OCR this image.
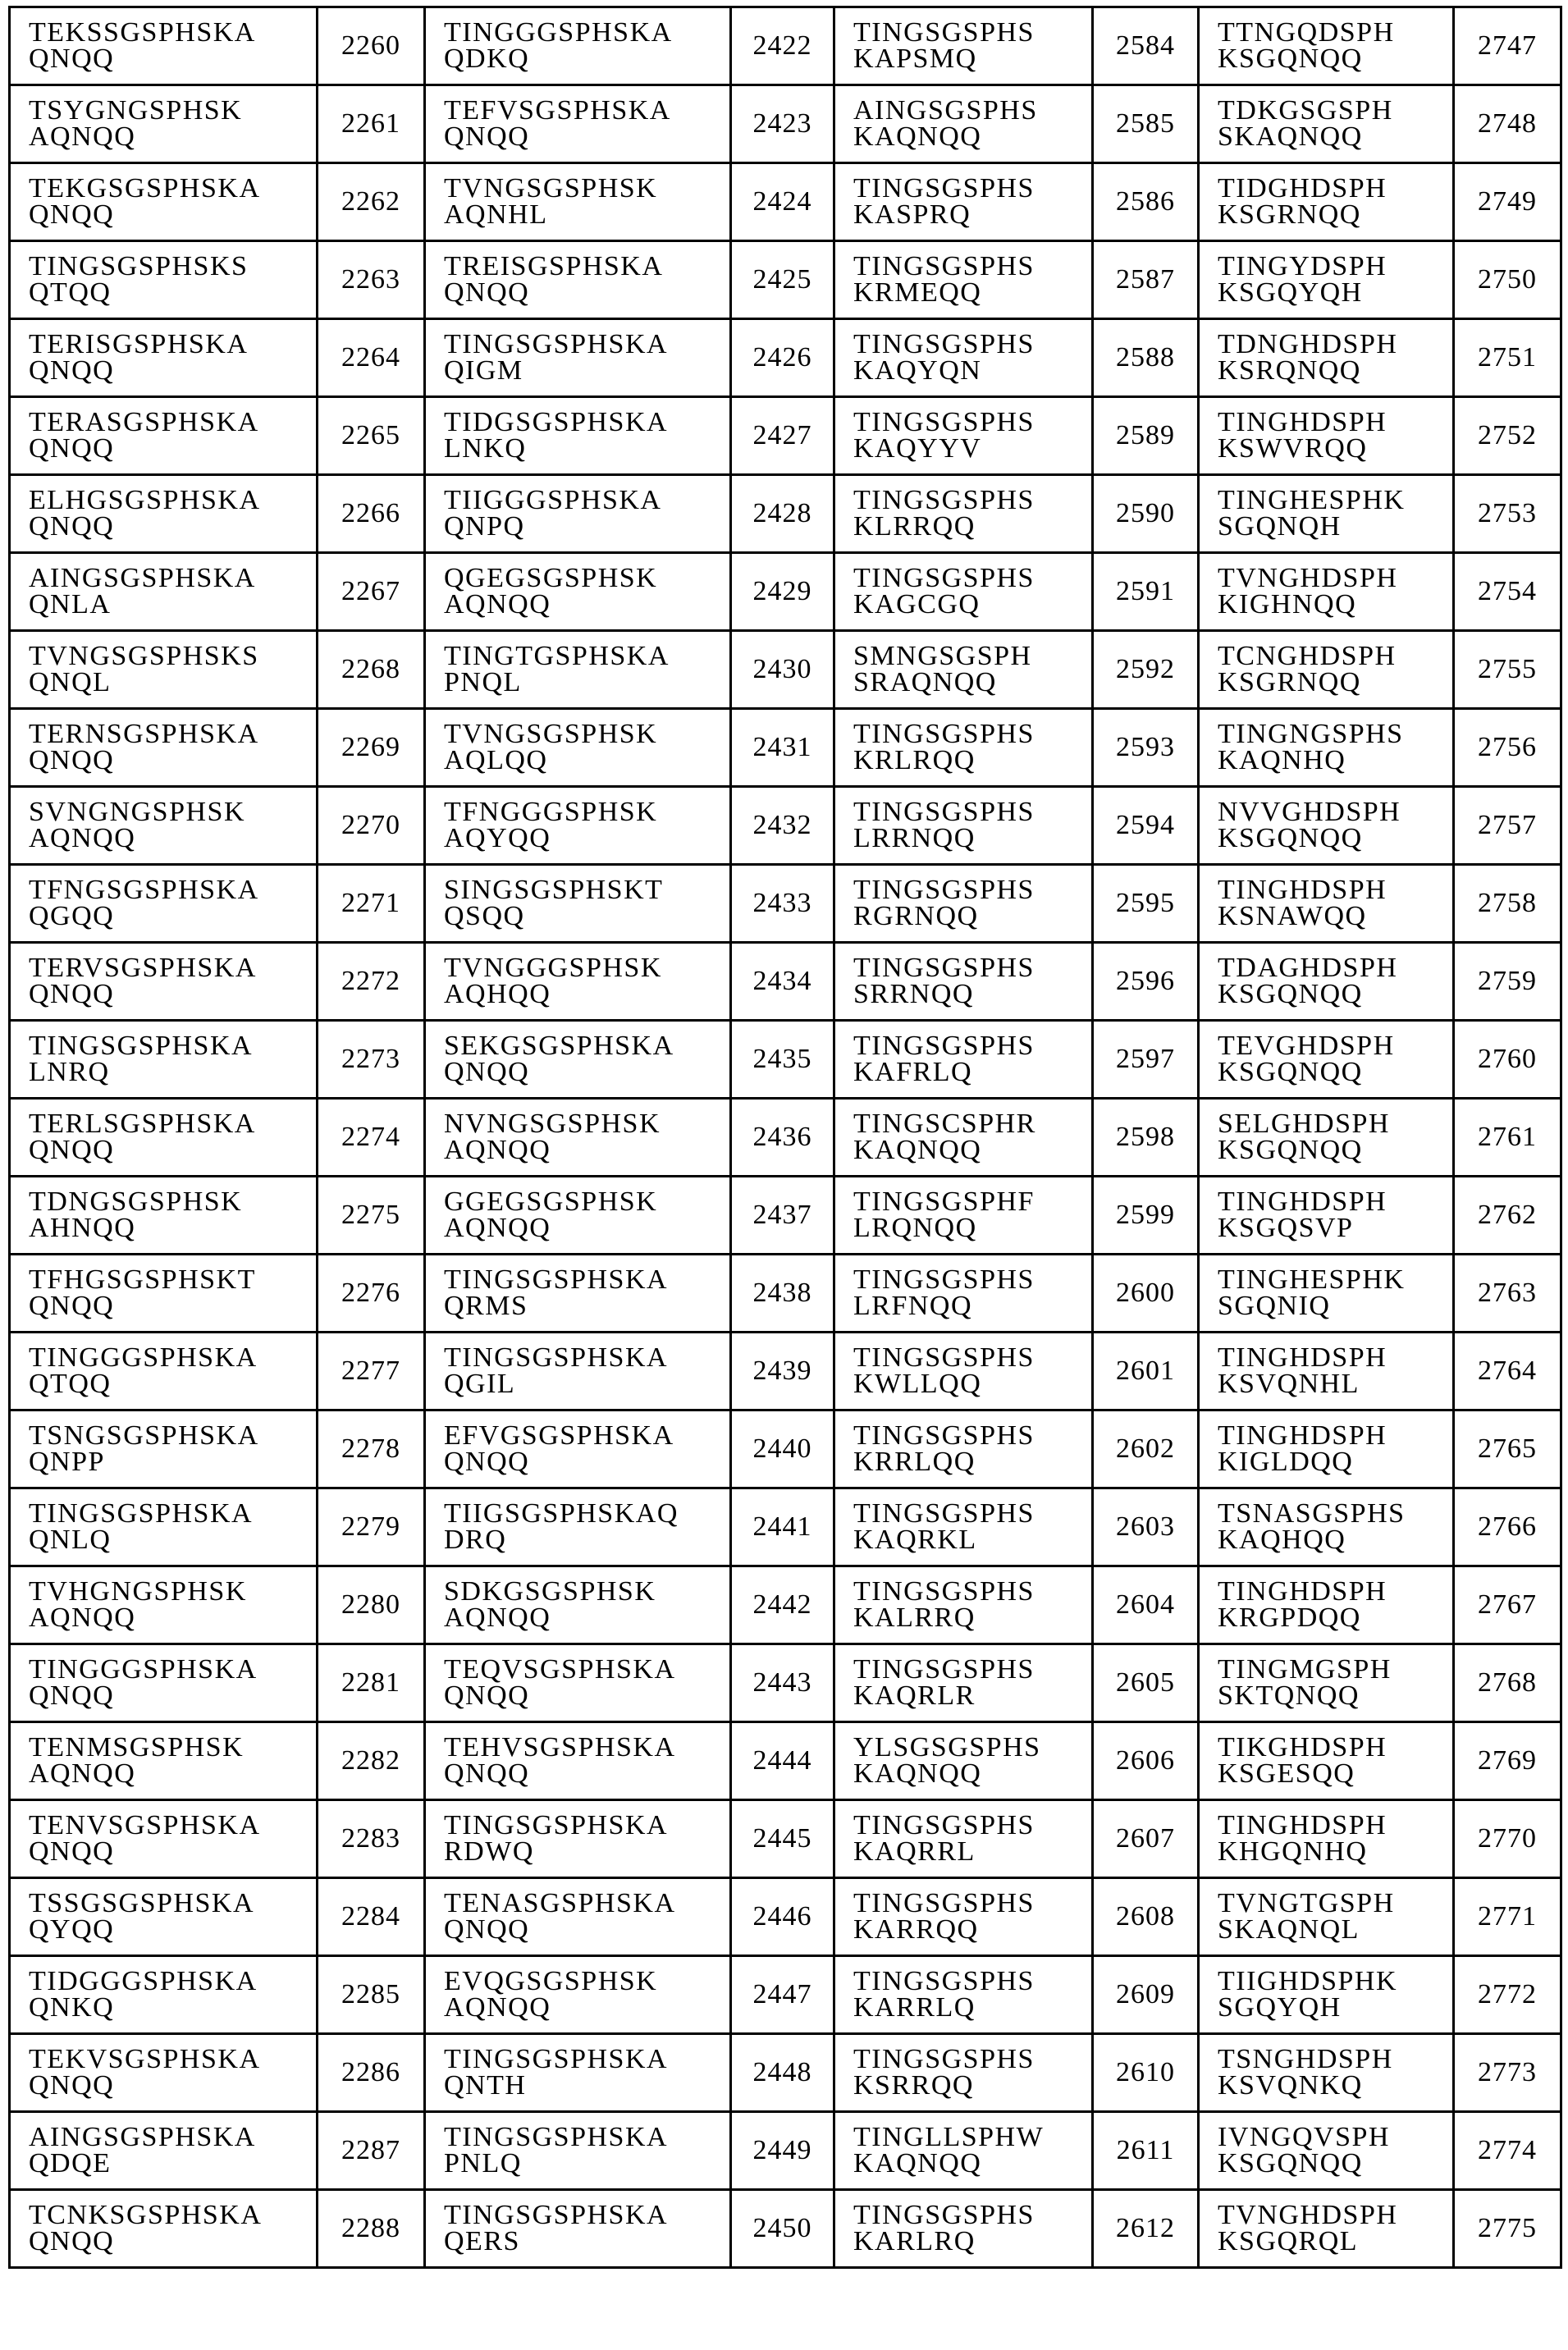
TEKSSGSPHSKA
QNQQ	2260	TINGGGSPHSKA
QDKQ	2422	TINGSGSPHS
KAPSMQ	2584	TTNGQDSPH
KSGQNQQ	2747
TSYGNGSPHSK
AQNQQ	2261	TEFVSGSPHSKA
QNQQ	2423	AINGSGSPHS
KAQNQQ	2585	TDKGSGSPH
SKAQNQQ	2748
TEKGSGSPHSKA
QNQQ	2262	TVNGSGSPHSK
AQNHL	2424	TINGSGSPHS
KASPRQ	2586	TIDGHDSPH
KSGRNQQ	2749
TINGSGSPHSKS
QTQQ	2263	TREISGSPHSKA
QNQQ	2425	TINGSGSPHS
KRMEQQ	2587	TINGYDSPH
KSGQYQH	2750
TERISGSPHSKA
QNQQ	2264	TINGSGSPHSKA
QIGM	2426	TINGSGSPHS
KAQYQN	2588	TDNGHDSPH
KSRQNQQ	2751
TERASGSPHSKA
QNQQ	2265	TIDGSGSPHSKA
LNKQ	2427	TINGSGSPHS
KAQYYV	2589	TINGHDSPH
KSWVRQQ	2752
ELHGSGSPHSKA
QNQQ	2266	TIIGGGSPHSKA
QNPQ	2428	TINGSGSPHS
KLRRQQ	2590	TINGHESPHK
SGQNQH	2753
AINGSGSPHSKA
QNLA	2267	QGEGSGSPHSK
AQNQQ	2429	TINGSGSPHS
KAGCGQ	2591	TVNGHDSPH
KIGHNQQ	2754
TVNGSGSPHSKS
QNQL	2268	TINGTGSPHSKA
PNQL	2430	SMNGSGSPH
SRAQNQQ	2592	TCNGHDSPH
KSGRNQQ	2755
TERNSGSPHSKA
QNQQ	2269	TVNGSGSPHSK
AQLQQ	2431	TINGSGSPHS
KRLRQQ	2593	TINGNGSPHS
KAQNHQ	2756
SVNGNGSPHSK
AQNQQ	2270	TFNGGGSPHSK
AQYQQ	2432	TINGSGSPHS
LRRNQQ	2594	NVVGHDSPH
KSGQNQQ	2757
TFNGSGSPHSKA
QGQQ	2271	SINGSGSPHSKT
QSQQ	2433	TINGSGSPHS
RGRNQQ	2595	TINGHDSPH
KSNAWQQ	2758
TERVSGSPHSKA
QNQQ	2272	TVNGGGSPHSK
AQHQQ	2434	TINGSGSPHS
SRRNQQ	2596	TDAGHDSPH
KSGQNQQ	2759
TINGSGSPHSKA
LNRQ	2273	SEKGSGSPHSKA
QNQQ	2435	TINGSGSPHS
KAFRLQ	2597	TEVGHDSPH
KSGQNQQ	2760
TERLSGSPHSKA
QNQQ	2274	NVNGSGSPHSK
AQNQQ	2436	TINGSCSPHR
KAQNQQ	2598	SELGHDSPH
KSGQNQQ	2761
TDNGSGSPHSK
AHNQQ	2275	GGEGSGSPHSK
AQNQQ	2437	TINGSGSPHF
LRQNQQ	2599	TINGHDSPH
KSGQSVP	2762
TFHGSGSPHSKT
QNQQ	2276	TINGSGSPHSKA
QRMS	2438	TINGSGSPHS
LRFNQQ	2600	TINGHESPHK
SGQNIQ	2763
TINGGGSPHSKA
QTQQ	2277	TINGSGSPHSKA
QGIL	2439	TINGSGSPHS
KWLLQQ	2601	TINGHDSPH
KSVQNHL	2764
TSNGSGSPHSKA
QNPP	2278	EFVGSGSPHSKA
QNQQ	2440	TINGSGSPHS
KRRLQQ	2602	TINGHDSPH
KIGLDQQ	2765
TINGSGSPHSKA
QNLQ	2279	TIIGSGSPHSKAQ
DRQ	2441	TINGSGSPHS
KAQRKL	2603	TSNASGSPHS
KAQHQQ	2766
TVHGNGSPHSK
AQNQQ	2280	SDKGSGSPHSK
AQNQQ	2442	TINGSGSPHS
KALRRQ	2604	TINGHDSPH
KRGPDQQ	2767
TINGGGSPHSKA
QNQQ	2281	TEQVSGSPHSKA
QNQQ	2443	TINGSGSPHS
KAQRLR	2605	TINGMGSPH
SKTQNQQ	2768
TENMSGSPHSK
AQNQQ	2282	TEHVSGSPHSKA
QNQQ	2444	YLSGSGSPHS
KAQNQQ	2606	TIKGHDSPH
KSGESQQ	2769
TENVSGSPHSKA
QNQQ	2283	TINGSGSPHSKA
RDWQ	2445	TINGSGSPHS
KAQRRL	2607	TINGHDSPH
KHGQNHQ	2770
TSSGSGSPHSKA
QYQQ	2284	TENASGSPHSKA
QNQQ	2446	TINGSGSPHS
KARRQQ	2608	TVNGTGSPH
SKAQNQL	2771
TIDGGGSPHSKA
QNKQ	2285	EVQGSGSPHSK
AQNQQ	2447	TINGSGSPHS
KARRLQ	2609	TIIGHDSPHK
SGQYQH	2772
TEKVSGSPHSKA
QNQQ	2286	TINGSGSPHSKA
QNTH	2448	TINGSGSPHS
KSRRQQ	2610	TSNGHDSPH
KSVQNKQ	2773
AINGSGSPHSKA
QDQE	2287	TINGSGSPHSKA
PNLQ	2449	TINGLLSPHW
KAQNQQ	2611	IVNGQVSPH
KSGQNQQ	2774
TCNKSGSPHSKA
QNQQ	2288	TINGSGSPHSKA
QERS	2450	TINGSGSPHS
KARLRQ	2612	TVNGHDSPH
KSGQRQL	2775
